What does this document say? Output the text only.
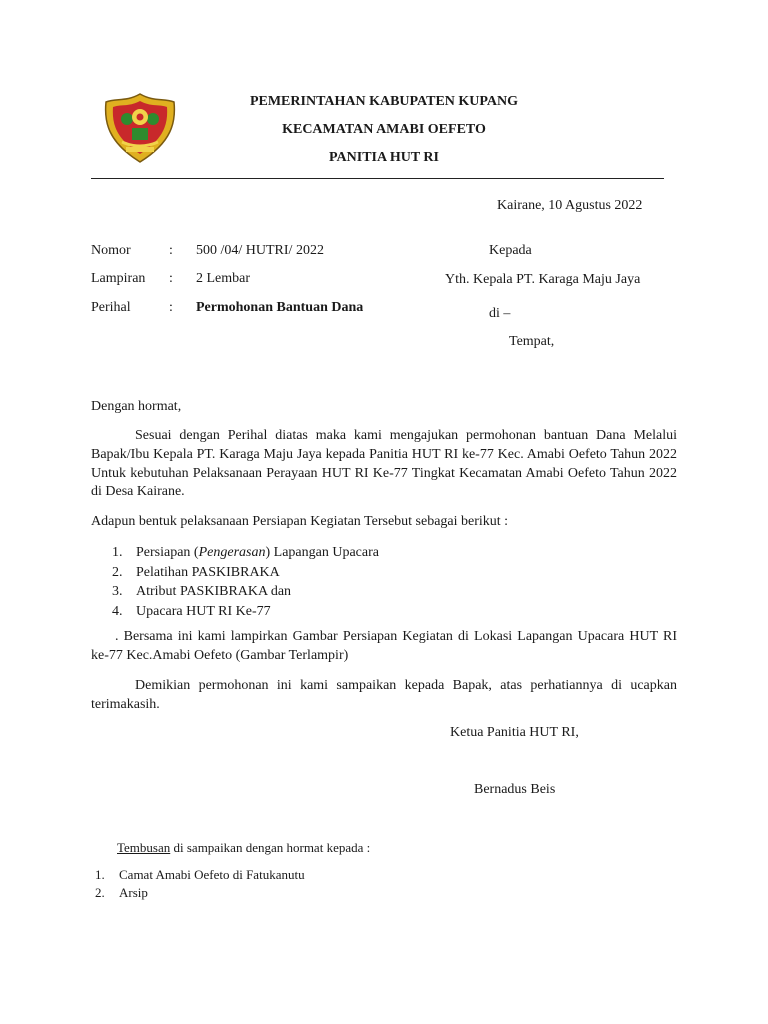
PEMERINTAHAN KABUPATEN KUPANG
KECAMATAN AMABI OEFETO
PANITIA HUT RI
Kairane, 10 Agustus 2022
Nomor	: 500 /04/ HUTRI/ 2022
Lampiran : 2 Lembar
Perihal	: Permohonan Bantuan Dana
Kepada
Yth. Kepala PT. Karaga Maju Jaya
di –
Tempat,
Dengan hormat,

Sesuai dengan Perihal diatas maka kami mengajukan permohonan bantuan Dana Melalui Bapak/Ibu Kepala PT. Karaga Maju Jaya kepada Panitia HUT RI ke-77 Kec. Amabi Oefeto Tahun 2022 Untuk kebutuhan Pelaksanaan Perayaan HUT RI Ke-77 Tingkat Kecamatan Amabi Oefeto Tahun 2022 di Desa Kairane.

Adapun bentuk pelaksanaan Persiapan Kegiatan Tersebut sebagai berikut :
1. Persiapan (Pengerasan) Lapangan Upacara
2. Pelatihan PASKIBRAKA
3. Atribut PASKIBRAKA dan
4. Upacara HUT RI Ke-77

. Bersama ini kami lampirkan Gambar Persiapan Kegiatan di Lokasi Lapangan Upacara HUT RI ke-77 Kec.Amabi Oefeto (Gambar Terlampir)

Demikian permohonan ini kami sampaikan kepada Bapak, atas perhatiannya di ucapkan terimakasih.

Ketua Panitia HUT RI,
Bernadus Beis
Tembusan di sampaikan dengan hormat kepada :
1. Camat Amabi Oefeto di Fatukanutu
2. Arsip
